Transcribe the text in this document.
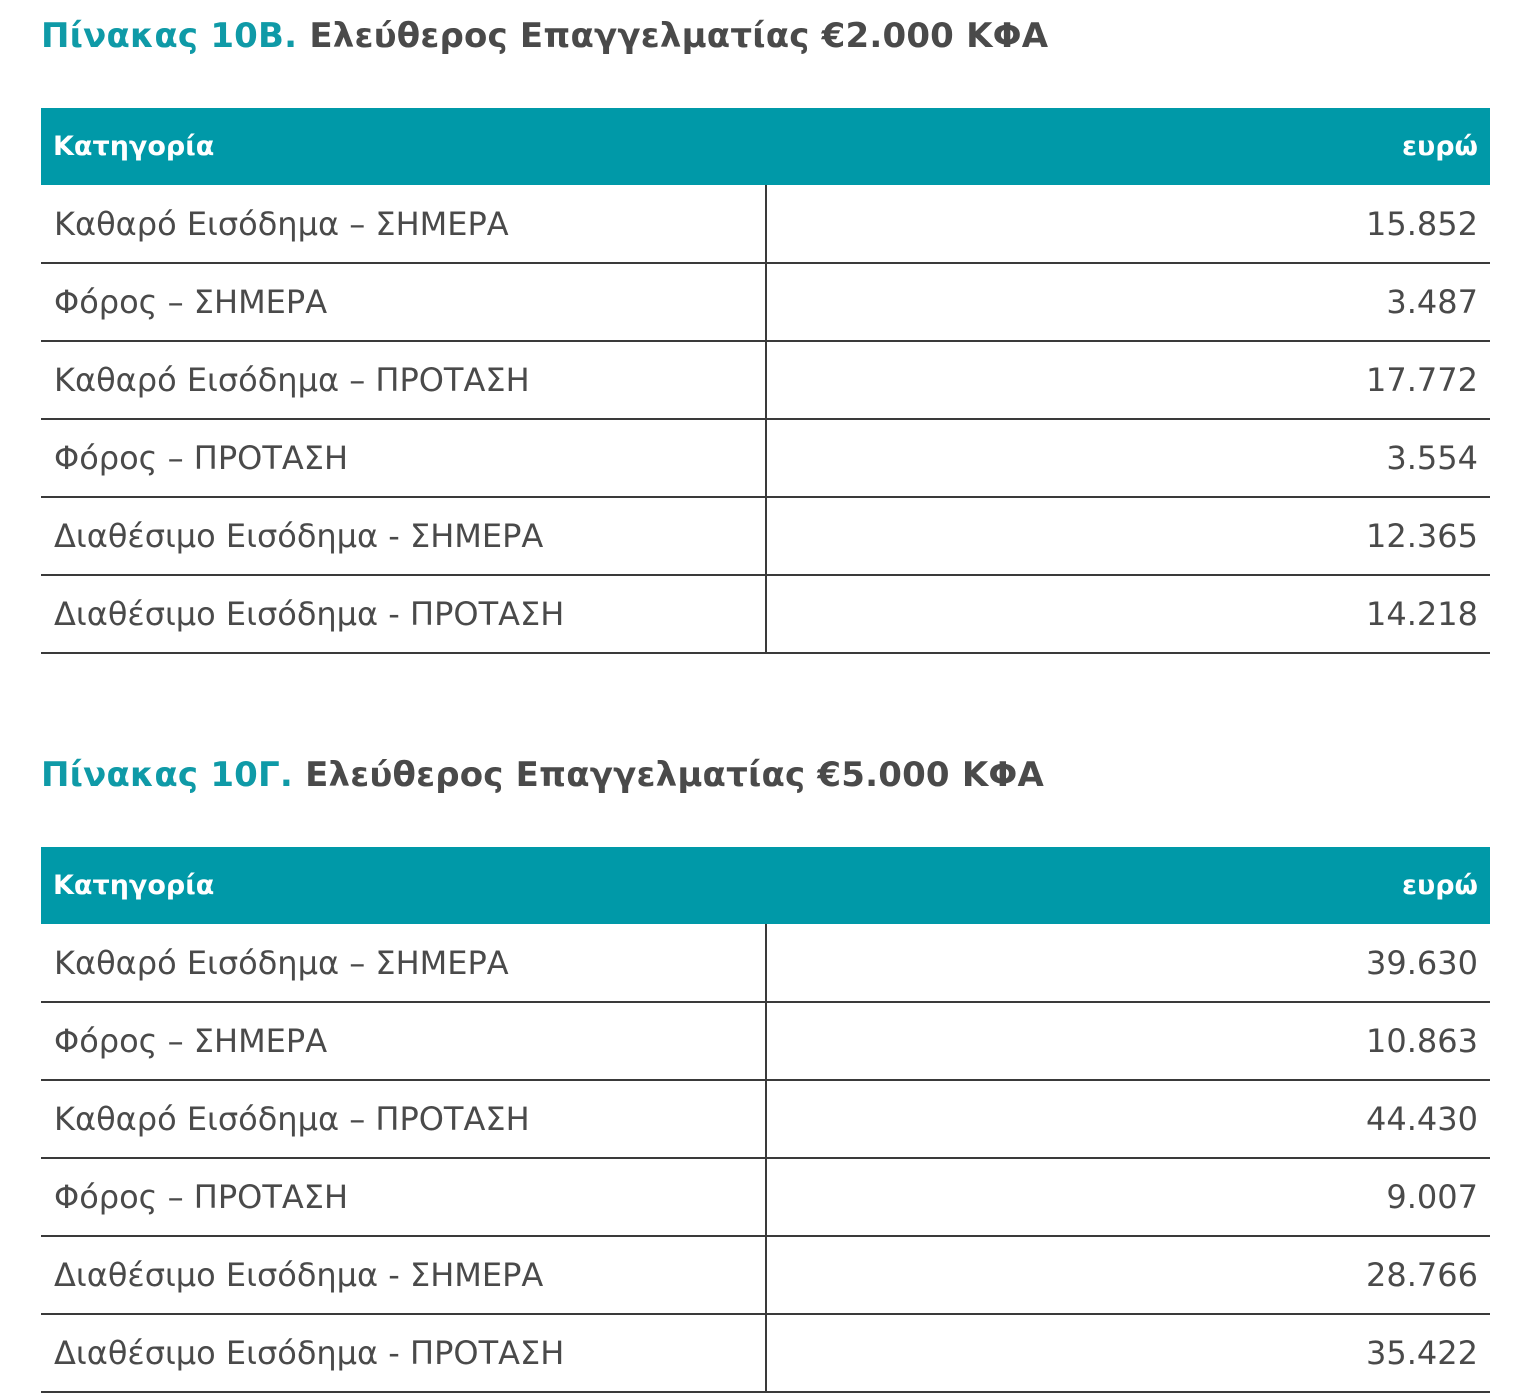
Πίνακας 10Β. Ελεύθερος Επαγγελματίας €2.000 ΚΦΑ
Κατηγορία	ευρώ
Καθαρό Εισόδημα – ΣΗΜΕΡΑ	15.852
Φόρος – ΣΗΜΕΡΑ	3.487
Καθαρό Εισόδημα – ΠΡΟΤΑΣΗ	17.772
Φόρος – ΠΡΟΤΑΣΗ	3.554
Διαθέσιμο Εισόδημα - ΣΗΜΕΡΑ	12.365
Διαθέσιμο Εισόδημα - ΠΡΟΤΑΣΗ	14.218
Πίνακας 10Γ. Ελεύθερος Επαγγελματίας €5.000 ΚΦΑ
Κατηγορία	ευρώ
Καθαρό Εισόδημα – ΣΗΜΕΡΑ	39.630
Φόρος – ΣΗΜΕΡΑ	10.863
Καθαρό Εισόδημα – ΠΡΟΤΑΣΗ	44.430
Φόρος – ΠΡΟΤΑΣΗ	9.007
Διαθέσιμο Εισόδημα - ΣΗΜΕΡΑ	28.766
Διαθέσιμο Εισόδημα - ΠΡΟΤΑΣΗ	35.422
